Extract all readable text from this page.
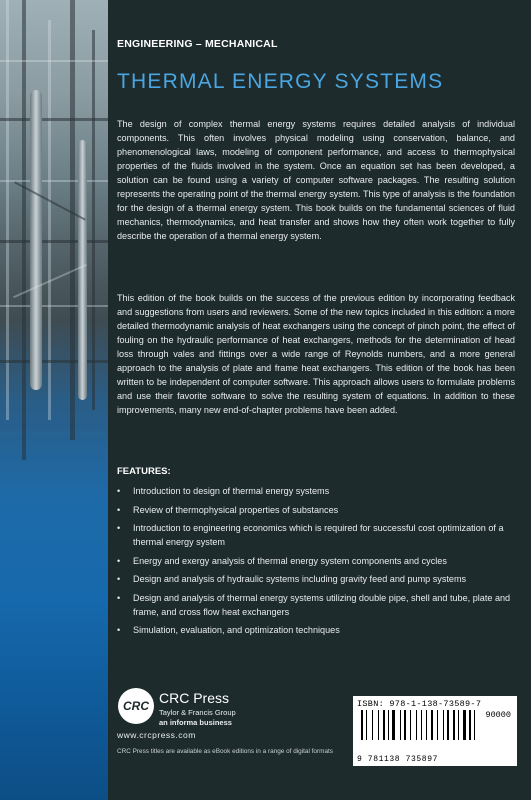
ENGINEERING – MECHANICAL
THERMAL ENERGY SYSTEMS

The design of complex thermal energy systems requires detailed analysis of individual components. This often involves physical modeling using conservation, balance, and phenomenological laws, modeling of component performance, and access to thermophysical properties of the fluids involved in the system. Once an equation set has been developed, a solution can be found using a variety of computer software packages. The resulting solution represents the operating point of the thermal energy system. This type of analysis is the foundation for the design of a thermal energy system. This book builds on the fundamental sciences of fluid mechanics, thermodynamics, and heat transfer and shows how they often work together to fully describe the operation of a thermal energy system.

This edition of the book builds on the success of the previous edition by incorporating feedback and suggestions from users and reviewers. Some of the new topics included in this edition: a more detailed thermodynamic analysis of heat exchangers using the concept of pinch point, the effect of fouling on the hydraulic performance of heat exchangers, methods for the determination of head loss through vales and fittings over a wide range of Reynolds numbers, and a more general approach to the analysis of plate and frame heat exchangers. This edition of the book has been written to be independent of computer software. This approach allows users to formulate problems and use their favorite software to solve the resulting system of equations. In addition to these improvements, many new end-of-chapter problems have been added.

FEATURES:
• Introduction to design of thermal energy systems
• Review of thermophysical properties of substances
• Introduction to engineering economics which is required for successful cost optimization of a thermal energy system
• Energy and exergy analysis of thermal energy system components and cycles
• Design and analysis of hydraulic systems including gravity feed and pump systems
• Design and analysis of thermal energy systems utilizing double pipe, shell and tube, plate and frame, and cross flow heat exchangers
• Simulation, evaluation, and optimization techniques
CRC CRC Press
Taylor & Francis Group
an informa business
www.crcpress.com
CRC Press titles are available as eBook editions in a range of digital formats
ISBN: 978-1-138-73589-7
90000
9 781138 735897
